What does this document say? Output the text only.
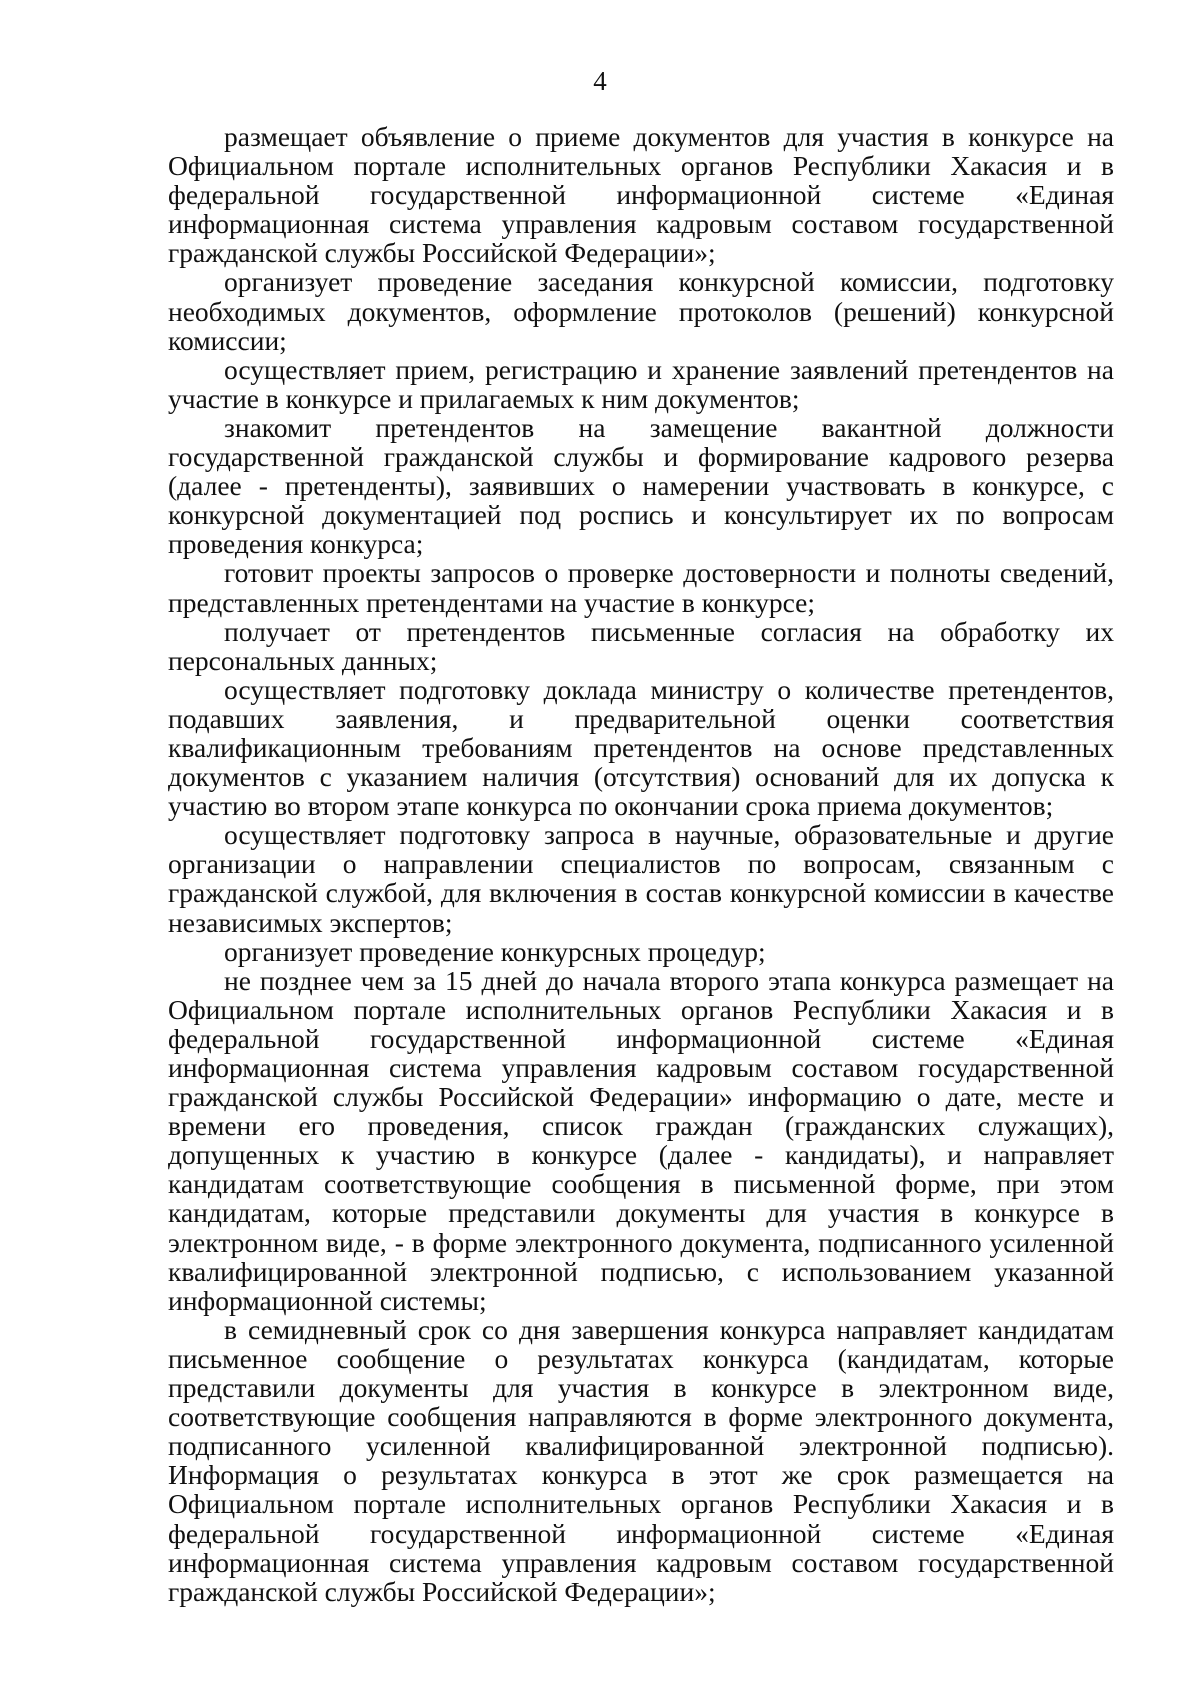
4

размещает объявление о приеме документов для участия в конкурсе на Официальном портале исполнительных органов Республики Хакасия и в федеральной государственной информационной системе «Единая информационная система управления кадровым составом государственной гражданской службы Российской Федерации»;

организует проведение заседания конкурсной комиссии, подготовку необходимых документов, оформление протоколов (решений) конкурсной комиссии;

осуществляет прием, регистрацию и хранение заявлений претендентов на участие в конкурсе и прилагаемых к ним документов;

знакомит претендентов на замещение вакантной должности государственной гражданской службы и формирование кадрового резерва (далее - претенденты), заявивших о намерении участвовать в конкурсе, с конкурсной документацией под роспись и консультирует их по вопросам проведения конкурса;

готовит проекты запросов о проверке достоверности и полноты сведений, представленных претендентами на участие в конкурсе;

получает от претендентов письменные согласия на обработку их персональных данных;

осуществляет подготовку доклада министру о количестве претендентов, подавших заявления, и предварительной оценки соответствия квалификационным требованиям претендентов на основе представленных документов с указанием наличия (отсутствия) оснований для их допуска к участию во втором этапе конкурса по окончании срока приема документов;

осуществляет подготовку запроса в научные, образовательные и другие организации о направлении специалистов по вопросам, связанным с гражданской службой, для включения в состав конкурсной комиссии в качестве независимых экспертов;

организует проведение конкурсных процедур;

не позднее чем за 15 дней до начала второго этапа конкурса размещает на Официальном портале исполнительных органов Республики Хакасия и в федеральной государственной информационной системе «Единая информационная система управления кадровым составом государственной гражданской службы Российской Федерации» информацию о дате, месте и времени его проведения, список граждан (гражданских служащих), допущенных к участию в конкурсе (далее - кандидаты), и направляет кандидатам соответствующие сообщения в письменной форме, при этом кандидатам, которые представили документы для участия в конкурсе в электронном виде, - в форме электронного документа, подписанного усиленной квалифицированной электронной подписью, с использованием указанной информационной системы;

в семидневный срок со дня завершения конкурса направляет кандидатам письменное сообщение о результатах конкурса (кандидатам, которые представили документы для участия в конкурсе в электронном виде, соответствующие сообщения направляются в форме электронного документа, подписанного усиленной квалифицированной электронной подписью). Информация о результатах конкурса в этот же срок размещается на Официальном портале исполнительных органов Республики Хакасия и в федеральной государственной информационной системе «Единая информационная система управления кадровым составом государственной гражданской службы Российской Федерации»;
